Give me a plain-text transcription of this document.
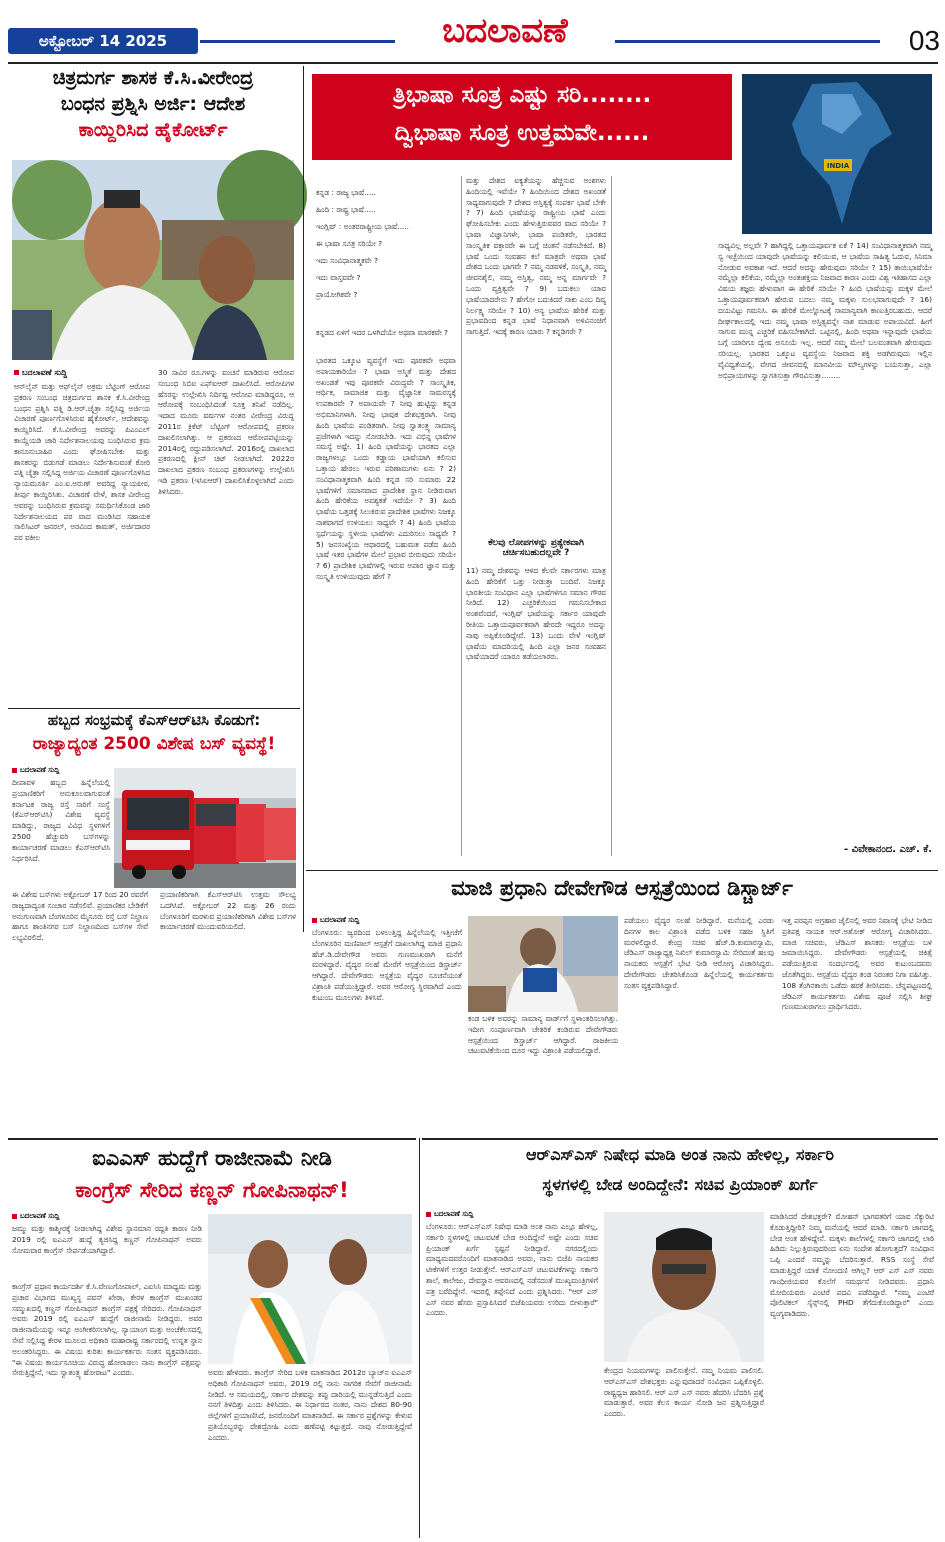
ಅಕ್ಟೋಬರ್ 14 2025	ಬದಲಾವಣೆ	03
ಚಿತ್ರದುರ್ಗ ಶಾಸಕ ಕೆ.ಸಿ.ವೀರೇಂದ್ರ
ಬಂಧನ ಪ್ರಶ್ನಿಸಿ ಅರ್ಜಿ: ಆದೇಶ
ಕಾಯ್ದಿರಿಸಿದ ಹೈಕೋರ್ಟ್
ಬದಲಾವಣೆ ಸುದ್ದಿ
ಆನ್‌ಲೈನ್ ಮತ್ತು ಆಫ್‌ಲೈನ್ ಅಕ್ರಮ ಬೆಟ್ಟಿಂಗ್ ಆರೋಪ ಪ್ರಕರಣ ಸಂಬಂಧ ಚಿತ್ರದುರ್ಗದ ಶಾಸಕ ಕೆ.ಸಿ.ವೀರೇಂದ್ರ ಬಂಧನ ಪ್ರಶ್ನಿಸಿ ಪತ್ನಿ ಡಿ.ಆರ್.ಚೈತ್ರಾ ಸಲ್ಲಿಸಿದ್ದ ಅರ್ಜಿಯ ವಿಚಾರಣೆ ಪೂರ್ಣಗೊಳಿಸಿರುವ ಹೈಕೋರ್ಟ್, ಆದೇಶವನ್ನು ಕಾಯ್ದಿರಿಸಿದೆ. ಕೆ.ಸಿ.ವೀರೇಂದ್ರ ಅವರನ್ನು ಪಿಎಂಎಲ್ ಕಾಯ್ದೆಯಡಿ ಜಾರಿ ನಿರ್ದೇಶನಾಲಯವು ಬಂಧಿಸಿರುವ ಕ್ರಮ ಕಾನೂನುಬಾಹಿರ ಎಂದು ಘೋಷಿಸಬೇಕು ಮತ್ತು ಶಾಸಕರನ್ನು ಬಿಡುಗಡೆ ಮಾಡಲು ನಿರ್ದೇಶಿಸುವಂತೆ ಕೋರಿ ಪತ್ನಿ ಚೈತ್ರಾ ಸಲ್ಲಿಸಿದ್ದ ಅರ್ಜಿಯ ವಿಚಾರಣೆ ಪೂರ್ಣಗೊಳಿಸಿದ ನ್ಯಾಯಮೂರ್ತಿ ಎಂ.ಐ.ಅರುಣ್ ಅವರಿದ್ದ ನ್ಯಾಯಪೀಠ, ತೀರ್ಪು ಕಾಯ್ದಿರಿಸಿತು. ವಿಚಾರಣೆ ವೇಳೆ, ಶಾಸಕ ವೀರೇಂದ್ರ ಅವರನ್ನು ಬಂಧಿಸಿರುವ ಕ್ರಮವನ್ನು ಸಮರ್ಥಿಸಿಕೊಂಡ ಜಾರಿ ನಿರ್ದೇಶನಾಲಯದ ಪರ ವಾದ ಮಂಡಿಸಿದ ಸಹಾಯಕ ಸಾಲಿಸಿಟರ್ ಜನರಲ್, ಅರವಿಂದ ಕಾಮತ್, ಅರ್ಜಿದಾರರ ಪರ ವಕೀಲ
30 ಸಾವಿರ ರೂ.ಗಳನ್ನು ವಂಚನೆ ಮಾಡಿರುವ ಆರೋಪ ಸಂಬಂಧ ಸಿಬಿಐ ಎಫ್ಐಆರ್ ದಾಖಲಿಸಿದೆ. ಆರೋಪಿಗಳ ಹೆಸರನ್ನು ಉಲ್ಲೇಖಿಸಿ ನಿರ್ದಿಷ್ಟ ಆರೋಪ ಮಾಡಿದ್ದರೂ, ಆ ಆರೋಪಕ್ಕೆ ಸಂಬಂಧಿಸಿದಂತೆ ಸೂಕ್ತ ತನಿಖೆ ನಡೆದಿಲ್ಲ. ಇದಾದ ಮೂರು ವರ್ಷಗಳ ನಂತರ ವೀರೇಂದ್ರ ವಿರುದ್ಧ 2011ರ ಕ್ರಿಕೆಟ್ ಬೆಟ್ಟಿಂಗ್ ಆರೋಪದಲ್ಲಿ ಪ್ರಕರಣ ದಾಖಲಿಸಲಾಗಿತ್ತು. ಆ ಪ್ರಕರಣದ ಆರೋಪಪಟ್ಟಿಯನ್ನು 2014ರಲ್ಲಿ ರದ್ದುಪಡಿಸಲಾಗಿದೆ. 2016ರಲ್ಲಿ ದಾಖಲಾದ ಪ್ರಕರಣದಲ್ಲಿ ಕ್ಲೀನ್ ಚಿಟ್ ನೀಡಲಾಗಿದೆ. 2022ರ ದಾಖಲಾದ ಪ್ರಕರಣ ಸಂಬಂಧ ಪ್ರಕರಣಗಳನ್ನು ಉಲ್ಲೇಖಿಸಿ ಇಡಿ ಪ್ರಕರಣ (ಇಸಿಐಆರ್) ದಾಖಲಿಸಿಕೊಳ್ಳಲಾಗಿದೆ ಎಂದು ತಿಳಿಸಿದರು.
ಹಬ್ಬದ ಸಂಭ್ರಮಕ್ಕೆ ಕೆಎಸ್ಆರ್‌ಟಿಸಿ ಕೊಡುಗೆ:
ರಾಜ್ಯಾದ್ಯಂತ 2500 ವಿಶೇಷ ಬಸ್ ವ್ಯವಸ್ಥೆ!
ಬದಲಾವಣೆ ಸುದ್ದಿ
ದೀಪಾವಳಿ ಹಬ್ಬದ ಹಿನ್ನೆಲೆಯಲ್ಲಿ ಪ್ರಯಾಣಿಕರಿಗೆ ಅನುಕೂಲವಾಗುವಂತೆ ಕರ್ನಾಟಕ ರಾಜ್ಯ ರಸ್ತೆ ಸಾರಿಗೆ ಸಂಸ್ಥೆ (ಕೆಎಸ್ಆರ್‌ಟಿಸಿ) ವಿಶೇಷ ವ್ಯವಸ್ಥೆ ಮಾಡಿದ್ದು, ರಾಜ್ಯದ ವಿವಿಧ ಸ್ಥಳಗಳಿಗೆ 2500 ಹೆಚ್ಚುವರಿ ಬಸ್‌ಗಳನ್ನು ಕಾರ್ಯಾಚರಣೆ ಮಾಡಲು ಕೆಎಸ್ಆರ್‌ಟಿಸಿ ನಿರ್ಧರಿಸಿದೆ.
ಈ ವಿಶೇಷ ಬಸ್‌ಗಳು ಅಕ್ಟೋಬರ್ 17 ರಿಂದ 20 ರವರೆಗೆ ರಾಜ್ಯದಾದ್ಯಂತ ಸಂಚಾರ ನಡೆಸಲಿವೆ. ಪ್ರಯಾಣಿಕರ ಬೇಡಿಕೆಗೆ ಅನುಗುಣವಾಗಿ ಬೆಂಗಳೂರಿನ ಮೈಸೂರು ರಸ್ತೆ ಬಸ್ ನಿಲ್ದಾಣ ಹಾಗೂ ಶಾಂತಿನಗರ ಬಸ್ ನಿಲ್ದಾಣದಿಂದ ಬಸ್‌ಗಳ ಸೇವೆ ಲಭ್ಯವಿರಲಿದೆ.
ಪ್ರಯಾಣಿಕರಿಗಾಗಿ ಕೆಎಸ್ಆರ್‌ಟಿಸಿ ಉತ್ತಮ ಸೌಲಭ್ಯ ಒದಗಿಸಿದೆ. ಅಕ್ಟೋಬರ್ 22 ಮತ್ತು 26 ರಂದು ಬೆಂಗಳೂರಿಗೆ ಮರಳುವ ಪ್ರಯಾಣಿಕರಿಗಾಗಿ ವಿಶೇಷ ಬಸ್‌ಗಳ ಕಾರ್ಯಾಚರಣೆ ಮುಂದುವರಿಯಲಿದೆ.
ತ್ರಿಭಾಷಾ ಸೂತ್ರ ಎಷ್ಟು ಸರಿ........
ದ್ವಿಭಾಷಾ ಸೂತ್ರ ಉತ್ತಮವೇ......
INDIA
ಕನ್ನಡ : ರಾಜ್ಯ ಭಾಷೆ.....
ಹಿಂದಿ : ರಾಷ್ಟ್ರ ಭಾಷೆ.....
ಇಂಗ್ಲಿಷ್ : ಅಂತರರಾಷ್ಟ್ರೀಯ ಭಾಷೆ.....
ಈ ಭಾಷಾ ಸೂತ್ರ ಸರಿಯೇ ?
ಇದು ಸಂವಿಧಾನಾತ್ಮಕವೇ ?
ಇದು ವಾಸ್ತವವೇ ?
ಪ್ರಾಯೋಗಿಕವೇ ?
ಕನ್ನಡದ ಏಳಿಗೆ ಇದರ ಒಳಗಿದೆಯೇ ಅಥವಾ ಮಾರಕವೇ ?
ಭಾರತದ ಒಕ್ಕೂಟ ವ್ಯವಸ್ಥೆಗೆ ಇದು ಪೂರಕವೇ ಅಥವಾ ಅಪಾಯಕಾರಿಯೇ ? ಭಾಷಾ ಅಸ್ಮಿತೆ ಮತ್ತು ದೇಶದ ಅಖಂಡತೆ ಇವು ಪೂರಕವೇ ವಿರುದ್ಧವೇ ? ಸಾಂಸ್ಕೃತಿಕ, ಆರ್ಥಿಕ, ಸಾಮಾಜಿಕ ಮತ್ತು ವೈಜ್ಞಾನಿಕ ಸಾಮರಸ್ಯಕ್ಕೆ ಉಪಕಾರವೇ ? ಅಪಾಯವೇ ? ನೀವು ಹುಟ್ಟಿದ್ದು ಕನ್ನಡ ಅಭಿಮಾನಿಗಳಾಗಿ. ನೀವು ಭಾವುಕ ದೇಶಭಕ್ತರಾಗಿ. ನೀವು ಹಿಂದಿ ಭಾಷೆಯ ಪಂಡಿತರಾಗಿ. ನೀವು ಸ್ವಾತಂತ್ರ್ಯ ಸಾಮಾನ್ಯ ಪ್ರಜೆಗಳಾಗಿ ಇದನ್ನು ನೋಡಬೇಡಿ. ಇದು ವಿಭಿನ್ನ ಭಾಷೆಗಳ ಸಮಸ್ಯೆ ಅಷ್ಟೇ. 1) ಹಿಂದಿ ಭಾಷೆಯನ್ನು ಭಾರತದ ಎಲ್ಲಾ ರಾಜ್ಯಗಳಲ್ಲೂ ಒಂದು ಕಡ್ಡಾಯ ಭಾಷೆಯಾಗಿ ಕಲಿಸುವ ಒತ್ತಾಯ ಹೇರಲು ಇರುವ ಪರಿಣಾಮಗಳು ಏನು ? 2) ಸಂವಿಧಾನಾತ್ಮಕವಾಗಿ ಹಿಂದಿ ಕನ್ನಡ ಸರಿ ಸುಮಾರು 22 ಭಾಷೆಗಳಿಗೆ ಸಮಾನವಾದ ಪ್ರಾದೇಶಿಕ ಸ್ಥಾನ ನೀಡಿರುವಾಗ ಹಿಂದಿ ಹೇರಿಕೆಯ ಅವಶ್ಯಕತೆ ಇದೆಯೇ ? 3) ಹಿಂದಿ ಭಾಷೆಯ ಒತ್ತಡಕ್ಕೆ ಸಿಲುಕಿರುವ ಪ್ರಾದೇಶಿಕ ಭಾಷೆಗಳು ನಿಜಕ್ಕೂ ನಾಶವಾಗದೆ ಉಳಿಯಲು ಸಾಧ್ಯವೇ ? 4) ಹಿಂದಿ ಭಾಷೆಯ ಸ್ಪರ್ಧೆಯನ್ನು ಸ್ಥಳೀಯ ಭಾಷೆಗಳು ಎದುರಿಸಲು ಸಾಧ್ಯವೇ ? 5) ಜನಸಂಖ್ಯೆಯ ಆಧಾರದಲ್ಲಿ ಬಹುಮತ ಪಡೆದ ಹಿಂದಿ ಭಾಷೆ ಇತರ ಭಾಷೆಗಳ ಮೇಲೆ ಪ್ರಭಾವ ಬೀರುವುದು ಸರಿಯೇ ? 6) ಪ್ರಾದೇಶಿಕ ಭಾಷೆಗಳಲ್ಲಿ ಇರುವ ಅಪಾರ ಜ್ಞಾನ ಮತ್ತು ಸಂಸ್ಕೃತಿ ಉಳಿಯುವುದು ಹೇಗೆ ?
ಮತ್ತು ದೇಶದ ಐಕ್ಯತೆಯನ್ನು ಹೆಚ್ಚಿಸುವ ಅಂಶಗಳು ಹಿಂದಿಯಲ್ಲಿ ಇವೆಯೇ ? ಹಿಂದಿಯಿಂದ ದೇಶದ ಅಖಂಡತೆ ಸಾಧ್ಯವಾಗುವುದೇ ? ದೇಶದ ಅಸ್ತಿತ್ವಕ್ಕೆ ಸಂಪರ್ಕ ಭಾಷೆ ಬೇಕೇ ? 7) ಹಿಂದಿ ಭಾಷೆಯನ್ನು ರಾಷ್ಟ್ರೀಯ ಭಾಷೆ ಎಂದು ಘೋಷಿಸಬೇಕು ಎಂದು ಹೇಳುತ್ತಿರುವವರ ವಾದ ಸರಿಯೇ ? ಭಾಷಾ ವಿಜ್ಞಾನಿಗಳೇ, ಭಾಷಾ ಪಂಡಿತರೇ, ಭಾರತದ ಸಾಂಸ್ಕೃತಿಕ ವಕ್ತಾರರೇ ಈ ಬಗ್ಗೆ ಚಿಂತನೆ ನಡೆಸಬೇಕಿದೆ. 8) ಭಾಷೆ ಒಂದು ಸಂವಹನ ಕಲೆ ಮಾತ್ರವೇ ಅಥವಾ ಭಾಷೆ ದೇಶದ ಒಂದು ಭಾಗವೇ ? ನಮ್ಮ ನಡವಳಿಕೆ, ಸಂಸ್ಕೃತಿ, ನಮ್ಮ ಜೀವನಶೈಲಿ, ನಮ್ಮ ಅಸ್ತಿತ್ವ, ನಮ್ಮ ಅನ್ನ ಮಾರ್ಗವೇ ? ಒಂದು ವ್ಯಕ್ತಿತ್ವವೇ ? 9) ಬದುಕಲು ಯಾವ ಭಾಷೆಯಾದರೇನು ? ಹೇಗೋ ಬದುಕಿದರೆ ಸಾಕು ಎಂಬ ದಿವ್ಯ ನಿರ್ಲಕ್ಷ್ಯ ಸರಿಯೇ ? 10) ಅನ್ಯ ಭಾಷೆಯ ಹೇರಿಕೆ ಮತ್ತು ಪ್ರಭಾವದಿಂದ ಕನ್ನಡ ಭಾಷೆ ನಿಧಾನವಾಗಿ ಅಳಿವಿನಂಚಿಗೆ ಸಾಗುತ್ತಿದೆ. ಇದಕ್ಕೆ ಕಾರಣ ಯಾರು ? ಕನ್ನಡಿಗರೇ ?
ಕೆಲವು ಲೋಪಗಳನ್ನು ಪ್ರತ್ಯೇಕವಾಗಿ ಚರ್ಚಿಸಬಹುದಲ್ಲವೇ ?
11) ನಮ್ಮ ದೇಶವನ್ನು ಆಳಿದ ಕೆಲವೇ ಸರ್ಕಾರಗಳು ಮಾತ್ರ ಹಿಂದಿ ಹೇರಿಕೆಗೆ ಒತ್ತು ನೀಡುತ್ತಾ ಬಂದಿವೆ. ನಿಜಕ್ಕೂ ಭಾರತೀಯ ಸಂವಿಧಾನ ಎಲ್ಲಾ ಭಾಷೆಗಳಿಗೂ ಸಮಾನ ಗೌರವ ನೀಡಿದೆ. 12) ಎಚ್ಚರಿಕೆಯಿಂದ ಗಮನಿಸಬೇಕಾದ ಅಂಶವೆಂದರೆ, ಇಂಗ್ಲಿಷ್ ಭಾಷೆಯನ್ನು ಸರ್ಕಾರ ಯಾವುದೇ ರೀತಿಯ ಒತ್ತಾಯಪೂರ್ವಕವಾಗಿ ಹೇರದೇ ಇದ್ದರೂ ಅದನ್ನು ನಾವು ಅಪ್ಪಿಕೊಂಡಿದ್ದೇವೆ. 13) ಒಂದು ವೇಳೆ ಇಂಗ್ಲಿಷ್ ಭಾಷೆಯ ಮಾದರಿಯಲ್ಲಿ ಹಿಂದಿ ಎಲ್ಲಾ ಜನರ ಸಂವಹನ ಭಾಷೆಯಾದರೆ ಯಾರೂ ತಡೆಯಲಾರರು.
ಸಾಧ್ಯವಿಲ್ಲ ಅಲ್ಲವೇ ? ಹಾಗಿದ್ದಲ್ಲಿ ಒತ್ತಾಯಪೂರ್ವಕ ಏಕೆ ? 14) ಸಂವಿಧಾನಾತ್ಮಕವಾಗಿ ನಮ್ಮ ಸ್ವ ಇಚ್ಛೆಯಿಂದ ಯಾವುದೇ ಭಾಷೆಯನ್ನು ಕಲಿಯುವ, ಆ ಭಾಷೆಯ ಸಾಹಿತ್ಯ ಓದುವ, ಸಿನಿಮಾ ನೋಡುವ ಅವಕಾಶ ಇದೆ. ಆದರೆ ಅದನ್ನು ಹೇರುವುದು ಸರಿಯೇ ? 15) ತಾಯಿಭಾಷೆಯೇ ನಮ್ಮೆಲ್ಲಾ ಕಲಿಕೆಯ, ನಮ್ಮೆಲ್ಲಾ ಅಂತಃಶಕ್ತಿಯ ನಿಜವಾದ ಕಾರಣ ಎಂದು ವಿಶ್ವ ಇತಿಹಾಸದ ಎಲ್ಲಾ ವಿಷಯ ತಜ್ಞರು ಹೇಳುವಾಗ ಈ ಹೇರಿಕೆ ಸರಿಯೇ ? ಹಿಂದಿ ಭಾಷೆಯನ್ನು ಮಕ್ಕಳ ಮೇಲೆ ಒತ್ತಾಯಪೂರ್ವಕವಾಗಿ ಹೇರುವ ಬದಲು ನಮ್ಮ ಮಕ್ಕಳು ಸುಲಭವಾಗುವುದೇ ? 16) ದಯವಿಟ್ಟು ಗಮನಿಸಿ. ಈ ಹೇರಿಕೆ ಮೇಲ್ನೋಟಕ್ಕೆ ಸಾಮಾನ್ಯವಾಗಿ ಕಾಣುತ್ತಿರಬಹುದು. ಆದರೆ ದೀರ್ಘಕಾಲದಲ್ಲಿ ಇದು ನಮ್ಮ ಭಾಷಾ ಅಸ್ತಿತ್ವವನ್ನೇ ನಾಶ ಮಾಡುವ ಅಪಾಯವಿದೆ. ಹೀಗೆ ಸಾಗುವ ಮುನ್ನ ಎಚ್ಚರಿಕೆ ವಹಿಸಬೇಕಾಗಿದೆ. ಒಟ್ಟಿನಲ್ಲಿ, ಹಿಂದಿ ಅಥವಾ ಇನ್ನಾವುದೇ ಭಾಷೆಯ ಬಗ್ಗೆ ಯಾರಿಗೂ ದ್ವೇಷ ಅಸೂಯೆ ಇಲ್ಲ. ಆದರೆ ನಮ್ಮ ಮೇಲೆ ಬಲವಂತವಾಗಿ ಹೇರುವುದು ಸರಿಯಲ್ಲ. ಭಾರತದ ಒಕ್ಕೂಟ ವ್ಯವಸ್ಥೆಯ ನಿಜವಾದ ಶಕ್ತಿ ಅಡಗಿರುವುದು ಇಲ್ಲಿನ ವೈವಿಧ್ಯತೆಯಲ್ಲಿ. ವೇಗದ ಜೀವನದಲ್ಲಿ ಮಾನವೀಯ ಮೌಲ್ಯಗಳನ್ನು ಬಯಸುತ್ತಾ, ಎಲ್ಲಾ ಅಭಿಪ್ರಾಯಗಳನ್ನು ಸ್ವಾಗತಿಸುತ್ತಾ ಗೌರವಿಸುತ್ತಾ........
- ವಿವೇಕಾನಂದ. ಎಚ್. ಕೆ.
ಮಾಜಿ ಪ್ರಧಾನಿ ದೇವೇಗೌಡ ಆಸ್ಪತ್ರೆಯಿಂದ ಡಿಸ್ಚಾರ್ಜ್
ಬದಲಾವಣೆ ಸುದ್ದಿ
ಬೆಂಗಳೂರು: ಜ್ವರದಿಂದ ಬಳಲುತ್ತಿದ್ದ ಹಿನ್ನೆಲೆಯಲ್ಲಿ ಇತ್ತೀಚೆಗೆ ಬೆಂಗಳೂರಿನ ಮಣಿಪಾಲ್ ಆಸ್ಪತ್ರೆಗೆ ದಾಖಲಾಗಿದ್ದ ಮಾಜಿ ಪ್ರಧಾನಿ ಹೆಚ್.ಡಿ.ದೇವೇಗೌಡ ಅವರು ಗುಣಮುಖರಾಗಿ ಮನೆಗೆ ಮರಳಿದ್ದಾರೆ. ವೈದ್ಯರ ಸಲಹೆ ಮೇರೆಗೆ ಆಸ್ಪತ್ರೆಯಿಂದ ಡಿಸ್ಚಾರ್ಜ್ ಆಗಿದ್ದಾರೆ. ದೇವೇಗೌಡರು ಆಸ್ಪತ್ರೆಯ ವೈದ್ಯರ ಸೂಚನೆಯಂತೆ ವಿಶ್ರಾಂತಿ ಪಡೆಯುತ್ತಿದ್ದಾರೆ. ಅವರ ಆರೋಗ್ಯ ಸ್ಥಿರವಾಗಿದೆ ಎಂದು ಕುಟುಂಬ ಮೂಲಗಳು ತಿಳಿಸಿವೆ.
ಕಂಡ ಬಳಿಕ ಅವರನ್ನು ಸಾಮಾನ್ಯ ವಾರ್ಡ್‌ಗೆ ಸ್ಥಳಾಂತರಿಸಲಾಗಿತ್ತು. ಇದೀಗ ಸಂಪೂರ್ಣವಾಗಿ ಚೇತರಿಕೆ ಕಂಡಿರುವ ದೇವೇಗೌಡರು ಆಸ್ಪತ್ರೆಯಿಂದ ಡಿಸ್ಚಾರ್ಜ್ ಆಗಿದ್ದಾರೆ. ರಾಜಕೀಯ ಚಟುವಟಿಕೆಯಿಂದ ದೂರ ಇದ್ದು ವಿಶ್ರಾಂತಿ ಪಡೆಯಲಿದ್ದಾರೆ.
ಪಡೆಯಲು ವೈದ್ಯರ ಸಲಹೆ ನೀಡಿದ್ದಾರೆ. ಮನೆಯಲ್ಲಿ ಎರಡು ದಿನಗಳ ಕಾಲ ವಿಶ್ರಾಂತಿ ಪಡೆದ ಬಳಿಕ ಸಹಜ ಸ್ಥಿತಿಗೆ ಮರಳಲಿದ್ದಾರೆ. ಕೇಂದ್ರ ಸಚಿವ ಹೆಚ್.ಡಿ.ಕುಮಾರಸ್ವಾಮಿ, ಜೆಡಿಎಸ್ ರಾಜ್ಯಾಧ್ಯಕ್ಷ ನಿಖಿಲ್ ಕುಮಾರಸ್ವಾಮಿ ಸೇರಿದಂತೆ ಹಲವು ನಾಯಕರು ಆಸ್ಪತ್ರೆಗೆ ಭೇಟಿ ನೀಡಿ ಆರೋಗ್ಯ ವಿಚಾರಿಸಿದ್ದರು. ದೇವೇಗೌಡರು ಚೇತರಿಸಿಕೊಂಡ ಹಿನ್ನೆಲೆಯಲ್ಲಿ ಕಾರ್ಯಕರ್ತರು ಸಂತಸ ವ್ಯಕ್ತಪಡಿಸಿದ್ದಾರೆ.
ಇತ್ತ ಪರಪ್ಪನ ಅಗ್ರಹಾರ ಜೈಲಿನಲ್ಲಿ ಅವರ ನಿವಾಸಕ್ಕೆ ಭೇಟಿ ನೀಡಿದ ಪ್ರತಿಪಕ್ಷ ನಾಯಕ ಆರ್.ಅಶೋಕ್ ಆರೋಗ್ಯ ವಿಚಾರಿಸಿದರು. ಮಾಜಿ ಸಚಿವರು, ಜೆಡಿಎಸ್ ಶಾಸಕರು ಆಸ್ಪತ್ರೆಯ ಬಳಿ ಜಮಾಯಿಸಿದ್ದರು. ದೇವೇಗೌಡರು ಆಸ್ಪತ್ರೆಯಲ್ಲಿ ಚಿಕಿತ್ಸೆ ಪಡೆಯುತ್ತಿರುವ ಸಂದರ್ಭದಲ್ಲಿ ಅವರ ಕುಟುಂಬದವರು ಜೊತೆಗಿದ್ದರು. ಆಸ್ಪತ್ರೆಯ ವೈದ್ಯರ ತಂಡ ನಿರಂತರ ನಿಗಾ ವಹಿಸಿತ್ತು. 108 ತೆಂಗಿನಕಾಯಿ ಒಡೆದು ಹರಕೆ ತೀರಿಸಿದರು. ಚೆನ್ನಪಟ್ಟಣದಲ್ಲಿ ಜೆಡಿಎಸ್ ಕಾರ್ಯಕರ್ತರು ವಿಶೇಷ ಪೂಜೆ ಸಲ್ಲಿಸಿ ಶೀಘ್ರ ಗುಣಮುಖರಾಗಲು ಪ್ರಾರ್ಥಿಸಿದರು.
ಐಎಎಸ್ ಹುದ್ದೆಗೆ ರಾಜೀನಾಮೆ ನೀಡಿ
ಕಾಂಗ್ರೆಸ್ ಸೇರಿದ ಕಣ್ಣನ್ ಗೋಪಿನಾಥನ್!
ಬದಲಾವಣೆ ಸುದ್ದಿ
ಜಮ್ಮು ಮತ್ತು ಕಾಶ್ಮೀರಕ್ಕೆ ನೀಡಲಾಗಿದ್ದ ವಿಶೇಷ ಸ್ಥಾನಮಾನ ರದ್ದತಿ ಕಾರಣ ನೀಡಿ 2019 ರಲ್ಲಿ ಐಎಎಸ್ ಹುದ್ದೆ ತ್ಯಜಿಸಿದ್ದ ಕಣ್ಣನ್ ಗೋಪಿನಾಥನ್ ಅವರು ಸೋಮವಾರ ಕಾಂಗ್ರೆಸ್ ಸೇರ್ಪಡೆಯಾಗಿದ್ದಾರೆ.
ಕಾಂಗ್ರೆಸ್ ಪ್ರಧಾನ ಕಾರ್ಯದರ್ಶಿ ಕೆ.ಸಿ.ವೇಣುಗೋಪಾಲ್, ಎಐಸಿಸಿ ಮಾಧ್ಯಮ ಮತ್ತು ಪ್ರಚಾರ ವಿಭಾಗದ ಮುಖ್ಯಸ್ಥ ಪವನ್ ಖೇರಾ, ಕೇರಳ ಕಾಂಗ್ರೆಸ್ ಮುಖಂಡರ ಸಮ್ಮುಖದಲ್ಲಿ ಕಣ್ಣನ್ ಗೋಪಿನಾಥನ್ ಕಾಂಗ್ರೆಸ್ ಪಕ್ಷಕ್ಕೆ ಸೇರಿದರು. ಗೋಪಿನಾಥನ್ ಅವರು 2019 ರಲ್ಲಿ ಐಎಎಸ್ ಹುದ್ದೆಗೆ ರಾಜೀನಾಮೆ ನೀಡಿದ್ದರು. ಅವರ ರಾಜೀನಾಮೆಯನ್ನು ಇನ್ನೂ ಅಂಗೀಕರಿಸಲಾಗಿಲ್ಲ. ನ್ಯಾಯಾಂಗ ಮತ್ತು ಅಂಚೆಕೆಲಸದಲ್ಲಿ ಸೇವೆ ಸಲ್ಲಿಸಿದ್ದ ಕೇರಳ ಮೂಲದ ಅಧಿಕಾರಿ ಮಹಾರಾಷ್ಟ್ರ ಸರ್ಕಾರದಲ್ಲಿ ಉನ್ನತ ಸ್ಥಾನ ಅಲಂಕರಿಸಿದ್ದರು. ಈ ವಿಷಯ ಕುರಿತು ಕಾರ್ಯಕರ್ತರು ಸಂತಸ ವ್ಯಕ್ತಪಡಿಸಿದರು. "ಈ ವಿಷಯ ಕಾರ್ಯಸೂಚಿಯ ವಿರುದ್ಧ ಹೋರಾಡಲು ನಾನು ಕಾಂಗ್ರೆಸ್ ಪಕ್ಷವನ್ನು ಸೇರುತ್ತಿದ್ದೇನೆ, ಇದು ಸ್ವಾತಂತ್ರ್ಯ ಹೋರಾಟ" ಎಂದರು.	ಅವರು ಹೇಳಿದರು. ಕಾಂಗ್ರೆಸ್ ಸೇರಿದ ಬಳಿಕ ಮಾತನಾಡಿದ 2012ರ ಬ್ಯಾಚ್‌ನ ಐಎಎಸ್ ಅಧಿಕಾರಿ ಗೋಪಿನಾಥನ್ ಅವರು, 2019 ರಲ್ಲಿ ನಾನು ನಾಗರಿಕ ಸೇವೆಗೆ ರಾಜೀನಾಮೆ ನೀಡಿದೆ. ಆ ಸಮಯದಲ್ಲಿ, ಸರ್ಕಾರ ದೇಶವನ್ನು ತಪ್ಪು ದಾರಿಯಲ್ಲಿ ಮುನ್ನಡೆಸುತ್ತಿದೆ ಎಂದು ನನಗೆ ತಿಳಿದಿತ್ತು ಎಂದು ತಿಳಿಸಿದರು. ಈ ನಿರ್ಧಾರದ ನಂತರ, ನಾನು ದೇಶದ 80-90 ಜಿಲ್ಲೆಗಳಿಗೆ ಪ್ರಯಾಣಿಸಿದೆ, ಜನರೊಂದಿಗೆ ಮಾತನಾಡಿದೆ. ಈ ಸರ್ಕಾರ ಪ್ರಶ್ನೆಗಳನ್ನು ಕೇಳುವ ಪ್ರತಿಯೊಬ್ಬರನ್ನು ದೇಶದ್ರೋಹಿ ಎಂದು ಹಣೆಪಟ್ಟಿ ಕಟ್ಟುತ್ತದೆ. ನಾವು ನೋಡುತ್ತಿದ್ದೇವೆ ಎಂದರು.
ಆರ್‌ಎಸ್‌ಎಸ್ ನಿಷೇಧ ಮಾಡಿ ಅಂತ ನಾನು ಹೇಳಿಲ್ಲ, ಸರ್ಕಾರಿ
ಸ್ಥಳಗಳಲ್ಲಿ ಬೇಡ ಅಂದಿದ್ದೇನೆ: ಸಚಿವ ಪ್ರಿಯಾಂಕ್ ಖರ್ಗೆ
ಬದಲಾವಣೆ ಸುದ್ದಿ
ಬೆಂಗಳೂರು: ಆರ್‌ಎಸ್‌ಎಸ್ ನಿಷೇಧ ಮಾಡಿ ಅಂತ ನಾನು ಎಲ್ಲೂ ಹೇಳಿಲ್ಲ, ಸರ್ಕಾರಿ ಸ್ಥಳಗಳಲ್ಲಿ ಚಟುವಟಿಕೆ ಬೇಡ ಅಂದಿದ್ದೇನೆ ಅಷ್ಟೇ ಎಂದು ಸಚಿವ ಪ್ರಿಯಾಂಕ್ ಖರ್ಗೆ ಸ್ಪಷ್ಟನೆ ನೀಡಿದ್ದಾರೆ. ನಗರದಲ್ಲಿಂದು ಮಾಧ್ಯಮದವರೊಂದಿಗೆ ಮಾತನಾಡಿದ ಅವರು, ನಾನು ಬಿಜೆಪಿ ನಾಯಕರ ಟೀಕೆಗಳಿಗೆ ಉತ್ತರ ನೀಡುತ್ತೇನೆ. ಆರ್‌ಎಸ್‌ಎಸ್ ಚಟುವಟಿಕೆಗಳನ್ನು ಸರ್ಕಾರಿ ಶಾಲೆ, ಕಾಲೇಜು, ದೇವಸ್ಥಾನ ಆವರಣದಲ್ಲಿ ನಡೆಸದಂತೆ ಮುಖ್ಯಮಂತ್ರಿಗಳಿಗೆ ಪತ್ರ ಬರೆದಿದ್ದೇನೆ. ಇದರಲ್ಲಿ ತಪ್ಪೇನಿದೆ ಎಂದು ಪ್ರಶ್ನಿಸಿದರು. "ಆರ್ ಎಸ್ ಎಸ್ ನವರ ಹೆಸರು ಪ್ರಸ್ತಾಪಿಸಿದರೆ ಬಿಜೆಪಿಯವರು ಉರಿದು ಬೀಳುತ್ತಾರೆ" ಎಂದರು.
ಕೇಂದ್ರದ ನಿಯಮಗಳನ್ನು ಪಾಲಿಸುತ್ತೇನೆ. ನಮ್ಮ ನಿಯಮ ಪಾಲಿಸಲಿ. ಆರ್‌ಎಸ್‌ಎಸ್ ದೇಶಭಕ್ತರು ಎನ್ನುವುದಾದರೆ ಸಂವಿಧಾನ ಒಪ್ಪಿಕೊಳ್ಳಲಿ. ರಾಷ್ಟ್ರಧ್ವಜ ಹಾರಿಸಲಿ. ಆರ್ ಎಸ್ ಎಸ್ ನವರು ಹೆದರಿಸಿ ಬೆದರಿಸಿ ಪ್ರಶ್ನೆ ಮಾಡುತ್ತಾರೆ. ಅವರ ಕೆಲಸ ಕಾರ್ಯ ನೋಡಿ ಜನ ಪ್ರಶ್ನಿಸುತ್ತಿದ್ದಾರೆ ಎಂದರು.
ಮಾಡಿಸಿದರೆ ದೇಶಭಕ್ತರೇ? ಮೋಹನ್ ಭಾಗವತರಿಗೆ ಯಾವ ಸೆಕ್ಯುರಿಟಿ ಕೊಡುತ್ತಿದ್ದೀರಿ? ನಿಮ್ಮ ಮನೆಯಲ್ಲಿ ಆದರೆ ಮಾಡಿ. ಸರ್ಕಾರಿ ಜಾಗದಲ್ಲಿ ಬೇಡ ಅಂತ ಹೇಳಿದ್ದೇನೆ. ಮಕ್ಕಳು ಶಾಲೆಗಳಲ್ಲಿ ಸರ್ಕಾರಿ ಜಾಗದಲ್ಲಿ ಲಾಠಿ ಹಿಡಿದು ನಿಲ್ಲುತ್ತಿರುವುದರಿಂದ ಏನು ಸಂದೇಶ ಹೋಗುತ್ತದೆ? ಸಂವಿಧಾನ ಒಪ್ಪಿ ಎಂದರೆ ನಮ್ಮನ್ನು ಬೆದರಿಸುತ್ತಾರೆ. RSS ಸಂಸ್ಥೆ ಸೇವೆ ಮಾಡುತ್ತಿದ್ದರೆ ಯಾಕೆ ನೋಂದಣಿ ಆಗಿಲ್ಲ? ಆರ್ ಎಸ್ ಎಸ್ ನವರು ಗಾಂಧೀಜಿಯವರ ಕೊಲೆಗೆ ಸಮರ್ಥನೆ ನೀಡಿದವರು. ಪ್ರಧಾನಿ ಮೋದಿಯವರು ಎಂಟಿರೆ ಪದವಿ ಪಡೆದಿದ್ದಾರೆ. "ನಮ್ಮ ಎಂಟಿರೆ ಪೊಲಿಟಿಕಲ್ ಸೈನ್ಸ್‌ನಲ್ಲಿ PHD ತೆಗೆದುಕೊಂಡಿದ್ದಾರ" ಎಂದು ವ್ಯಂಗ್ಯವಾಡಿದರು.
